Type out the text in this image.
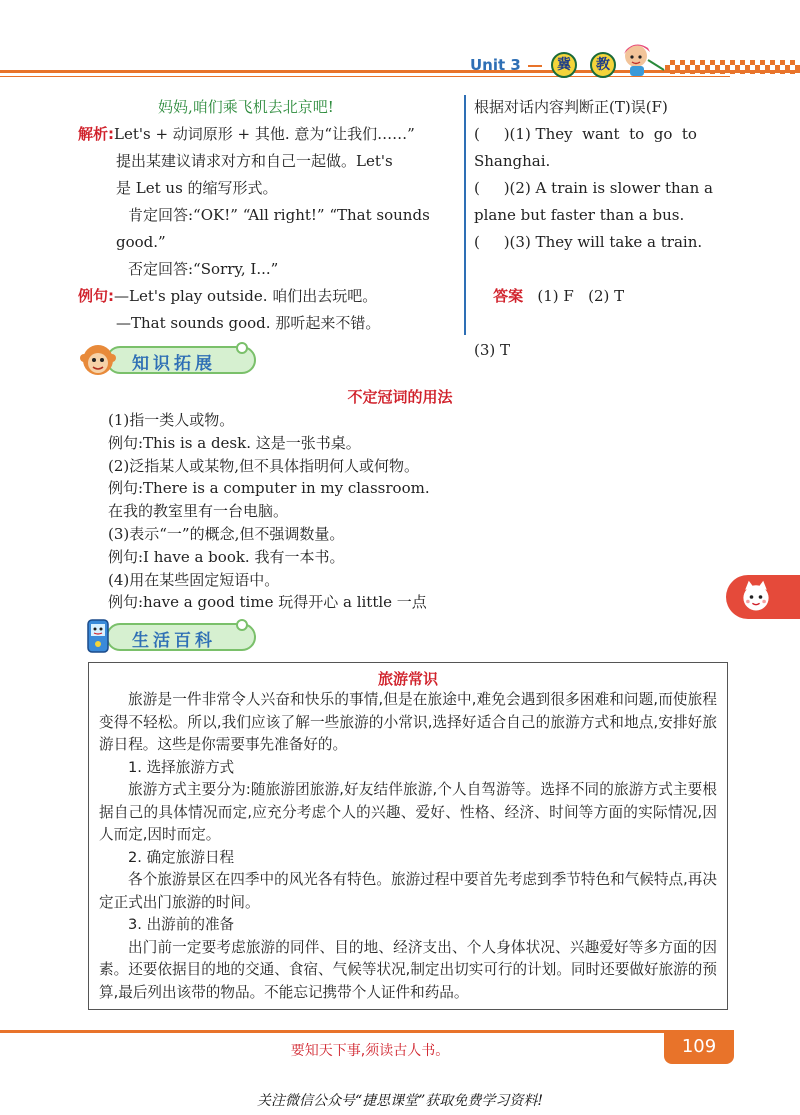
Unit 3	冀	教
妈妈,咱们乘飞机去北京吧!
解析:Let's + 动词原形 + 其他. 意为“让我们……”
提出某建议请求对方和自己一起做。Let's
是 Let us 的缩写形式。
肯定回答:“OK!” “All right!” “That sounds
good.”
否定回答:“Sorry, I...”
例句:—Let's play outside. 咱们出去玩吧。
—That sounds good. 那听起来不错。
根据对话内容判断正(T)误(F)
(     )(1) They  want  to  go  to
Shanghai.
(     )(2) A train is slower than a
plane but faster than a bus.
(     )(3) They will take a train.

答案 (1) F   (2) T

(3) T
知识拓展
不定冠词的用法
(1)指一类人或物。
例句:This is a desk. 这是一张书桌。
(2)泛指某人或某物,但不具体指明何人或何物。
例句:There is a computer in my classroom.
在我的教室里有一台电脑。
(3)表示“一”的概念,但不强调数量。
例句:I have a book. 我有一本书。
(4)用在某些固定短语中。
例句:have a good time 玩得开心 a little 一点
生活百科
旅游常识

旅游是一件非常令人兴奋和快乐的事情,但是在旅途中,难免会遇到很多困难和问题,而使旅程变得不轻松。所以,我们应该了解一些旅游的小常识,选择好适合自己的旅游方式和地点,安排好旅游日程。这些是你需要事先准备好的。

1. 选择旅游方式

旅游方式主要分为:随旅游团旅游,好友结伴旅游,个人自驾游等。选择不同的旅游方式主要根据自己的具体情况而定,应充分考虑个人的兴趣、爱好、性格、经济、时间等方面的实际情况,因人而定,因时而定。

2. 确定旅游日程

各个旅游景区在四季中的风光各有特色。旅游过程中要首先考虑到季节特色和气候特点,再决定正式出门旅游的时间。

3. 出游前的准备

出门前一定要考虑旅游的同伴、目的地、经济支出、个人身体状况、兴趣爱好等多方面的因素。还要依据目的地的交通、食宿、气候等状况,制定出切实可行的计划。同时还要做好旅游的预算,最后列出该带的物品。不能忘记携带个人证件和药品。

要知天下事,须读古人书。	109
关注微信公众号“捷思课堂”获取免费学习资料!
